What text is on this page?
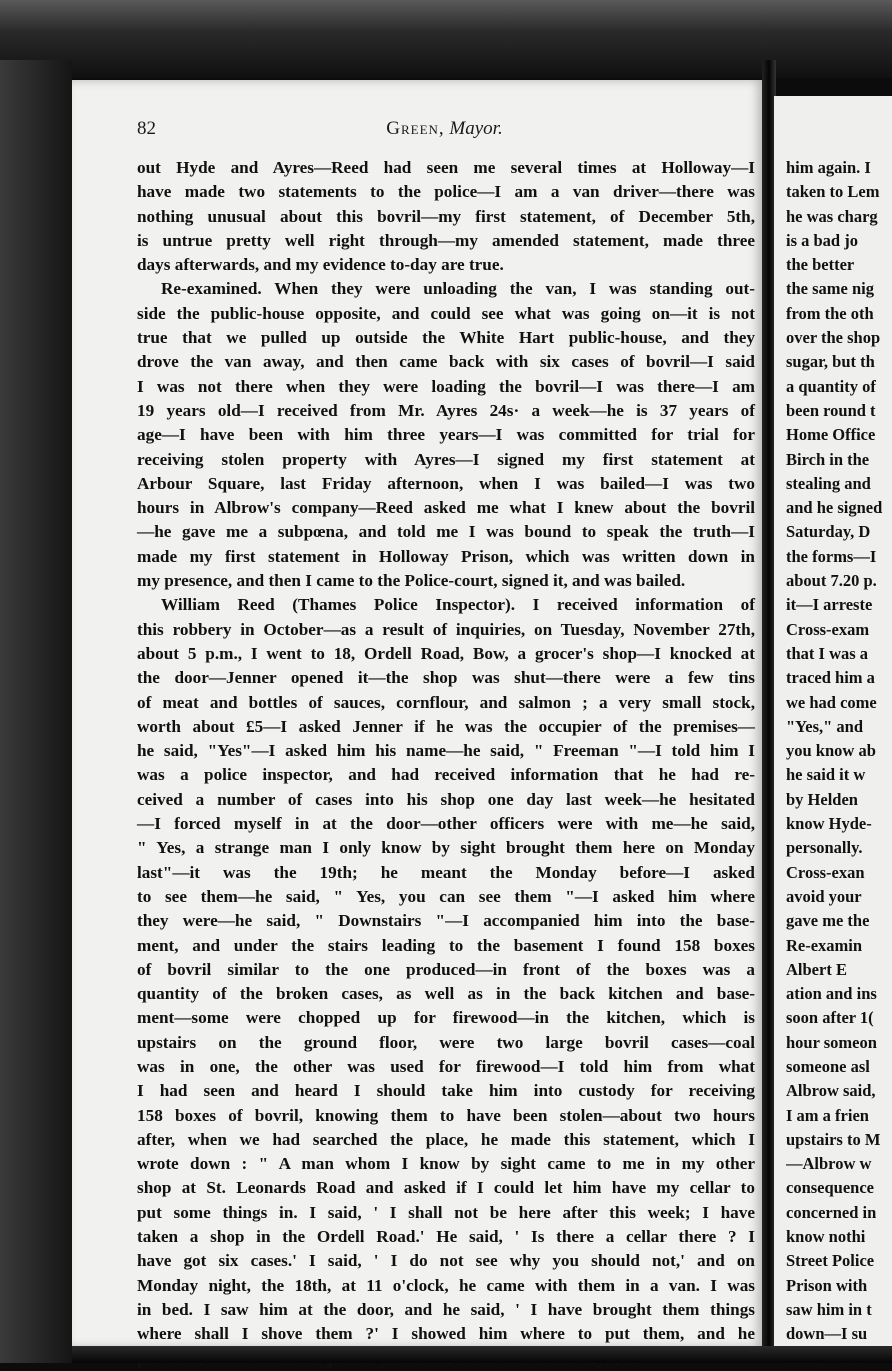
82	Green, Mayor.
out Hyde and Ayres—Reed had seen me several times at Holloway—I
have made two statements to the police—I am a van driver—there was
nothing unusual about this bovril—my first statement, of December 5th,
is untrue pretty well right through—my amended statement, made three
days afterwards, and my evidence to-day are true.
Re-examined. When they were unloading the van, I was standing out-
side the public-house opposite, and could see what was going on—it is not
true that we pulled up outside the White Hart public-house, and they
drove the van away, and then came back with six cases of bovril—I said
I was not there when they were loading the bovril—I was there—I am
19 years old—I received from Mr. Ayres 24s· a week—he is 37 years of
age—I have been with him three years—I was committed for trial for
receiving stolen property with Ayres—I signed my first statement at
Arbour Square, last Friday afternoon, when I was bailed—I was two
hours in Albrow's company—Reed asked me what I knew about the bovril
—he gave me a subpœna, and told me I was bound to speak the truth—I
made my first statement in Holloway Prison, which was written down in
my presence, and then I came to the Police-court, signed it, and was bailed.
William Reed (Thames Police Inspector). I received information of
this robbery in October—as a result of inquiries, on Tuesday, November 27th,
about 5 p.m., I went to 18, Ordell Road, Bow, a grocer's shop—I knocked at
the door—Jenner opened it—the shop was shut—there were a few tins
of meat and bottles of sauces, cornflour, and salmon ; a very small stock,
worth about £5—I asked Jenner if he was the occupier of the premises—
he said, "Yes"—I asked him his name—he said, " Freeman "—I told him I
was a police inspector, and had received information that he had re-
ceived a number of cases into his shop one day last week—he hesitated
—I forced myself in at the door—other officers were with me—he said,
" Yes, a strange man I only know by sight brought them here on Monday
last"—it was the 19th; he meant the Monday before—I asked
to see them—he said, " Yes, you can see them "—I asked him where
they were—he said, " Downstairs "—I accompanied him into the base-
ment, and under the stairs leading to the basement I found 158 boxes
of bovril similar to the one produced—in front of the boxes was a
quantity of the broken cases, as well as in the back kitchen and base-
ment—some were chopped up for firewood—in the kitchen, which is
upstairs on the ground floor, were two large bovril cases—coal
was in one, the other was used for firewood—I told him from what
I had seen and heard I should take him into custody for receiving
158 boxes of bovril, knowing them to have been stolen—about two hours
after, when we had searched the place, he made this statement, which I
wrote down : " A man whom I know by sight came to me in my other
shop at St. Leonards Road and asked if I could let him have my cellar to
put some things in. I said, ' I shall not be here after this week; I have
taken a shop in the Ordell Road.' He said, ' Is there a cellar there ? I
have got six cases.' I said, ' I do not see why you should not,' and on
Monday night, the 18th, at 11 o'clock, he came with them in a van. I was
in bed. I saw him at the door, and he said, ' I have brought them things
where shall I shove them ?' I showed him where to put them, and he
him again. I
taken to Lem
he was charg
is a bad jo
the better
the same nig
from the oth
over the shop
sugar, but th
a quantity of
been round t
Home Office
Birch in the
stealing and
and he signed
Saturday, D
the forms—I
about 7.20 p.
it—I arreste
Cross-exam
that I was a
traced him a
we had come
"Yes," and
you know ab
he said it w
by Helden
know Hyde-
personally.
Cross-exan
avoid your
gave me the
Re-examin
Albert E
ation and ins
soon after 1(
hour someon
someone asl
Albrow said,
I am a frien
upstairs to M
—Albrow w
consequence
concerned in
know nothi
Street Police
Prison with
saw him in t
down—I su
